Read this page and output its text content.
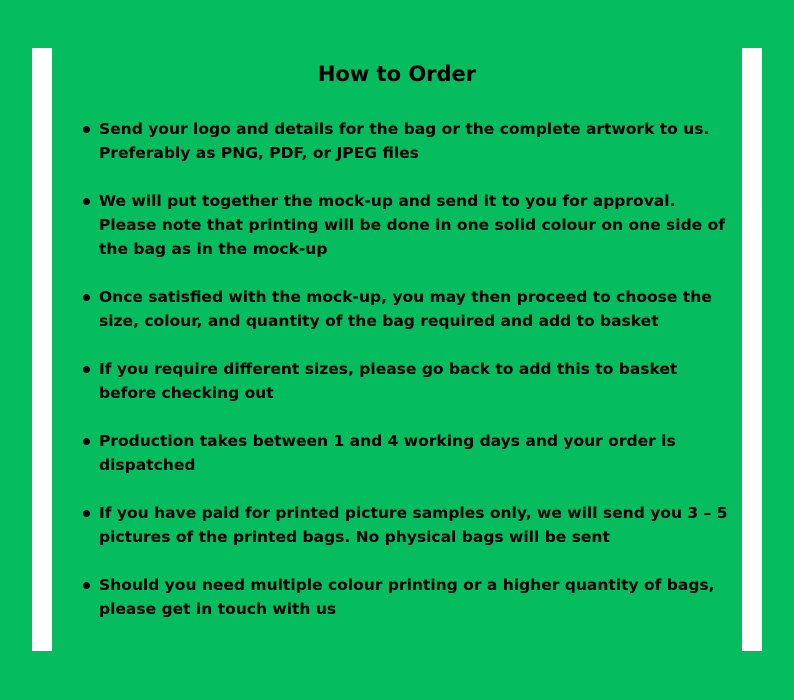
How to Order
Send your logo and details for the bag or the complete artwork to us. Preferably as PNG, PDF, or JPEG files
We will put together the mock-up and send it to you for approval. Please note that printing will be done in one solid colour on one side of the bag as in the mock-up
Once satisfied with the mock-up, you may then proceed to choose the size, colour, and quantity of the bag required and add to basket
If you require different sizes, please go back to add this to basket before checking out
Production takes between 1 and 4 working days and your order is dispatched
If you have paid for printed picture samples only, we will send you 3 – 5 pictures of the printed bags. No physical bags will be sent
Should you need multiple colour printing or a higher quantity of bags, please get in touch with us
